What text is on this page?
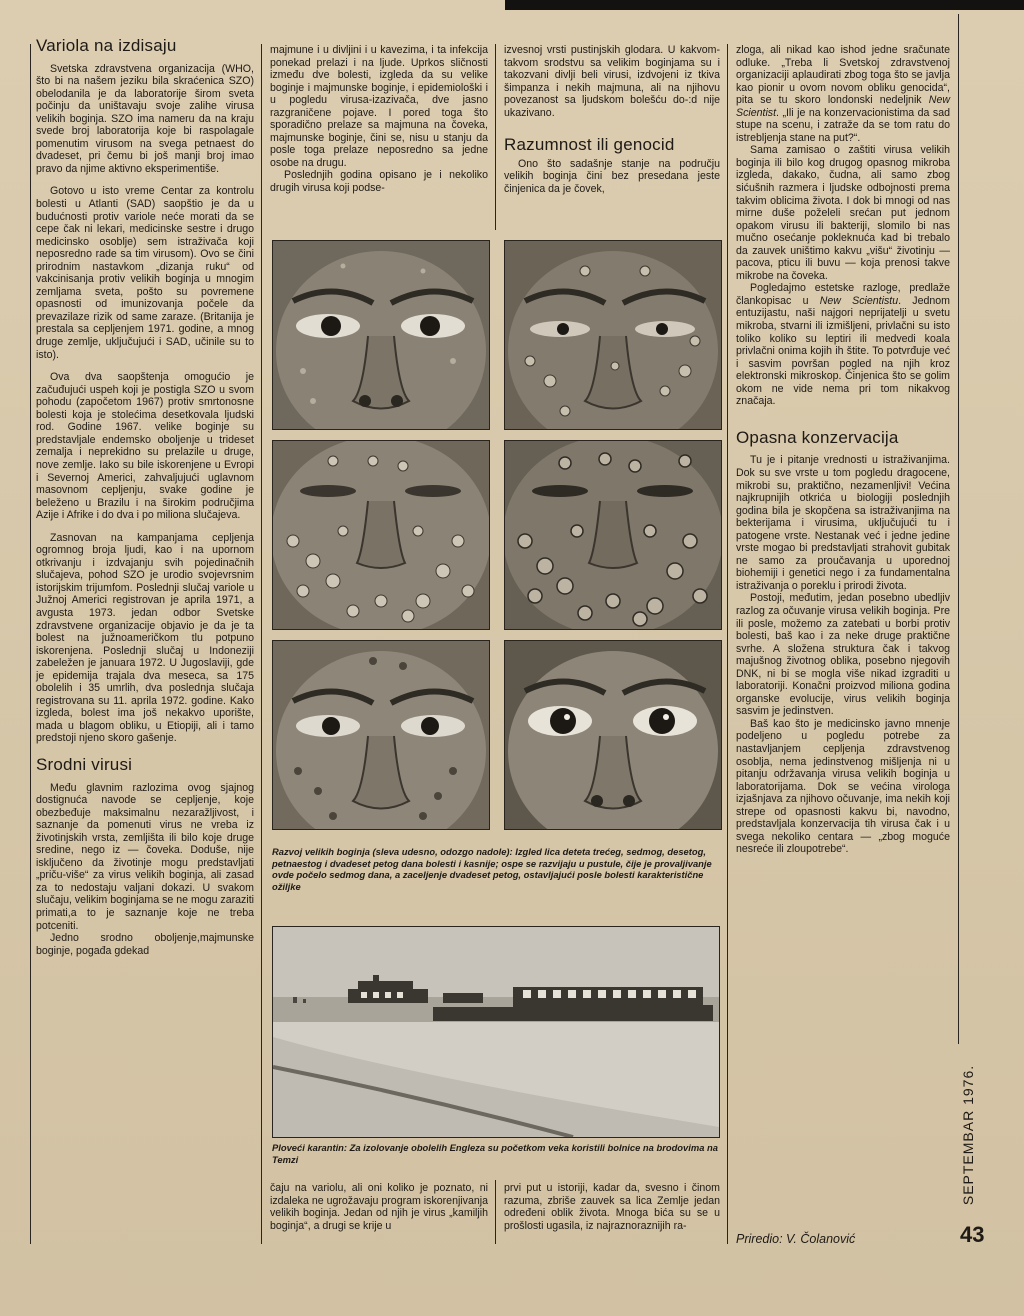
Variola na izdisaju

Svetska zdravstvena organizacija (WHO, što bi na našem jeziku bila skraćenica SZO) obelodanila je da laboratorije širom sveta počinju da uništavaju svoje zalihe virusa velikih boginja. SZO ima nameru da na kraju svede broj laboratorija koje bi raspolagale pomenutim virusom na svega petnaest do dvadeset, pri čemu bi još manji broj imao pravo da njime aktivno eksperimentiše.

Gotovo u isto vreme Centar za kontrolu bolesti u Atlanti (SAD) saopštio je da u budućnosti protiv variole neće morati da se cepe čak ni lekari, medicinske sestre i drugo medicinsko osoblje) sem istraživača koji neposredno rade sa tim virusom). Ovo se čini prirodnim nastavkom „dizanja ruku“ od vakcinisanja protiv velikih boginja u mnogim zemljama sveta, pošto su povremene opasnosti od imunizovanja počele da prevazilaze rizik od same zaraze. (Britanija je prestala sa cepljenjem 1971. godine, a mnog druge zemlje, uključujući i SAD, učinile su to isto).

Ova dva saopštenja omogućio je začuđujući uspeh koji je postigla SZO u svom pohodu (započetom 1967) protiv smrtonosne bolesti koja je stolećima desetkovala ljudski rod. Godine 1967. velike boginje su predstavljale endemsko oboljenje u trideset zemalja i neprekidno su prelazile u druge, nove zemlje. Iako su bile iskorenjene u Evropi i Severnoj Americi, zahvaljujući uglavnom masovnom cepljenju, svake godine je beleženo u Brazilu i na širokim područjima Azije i Afrike i do dva i po miliona slučajeva.

Zasnovan na kampanjama cepljenja ogromnog broja ljudi, kao i na upornom otkrivanju i izdvajanju svih pojedinačnih slučajeva, pohod SZO je urodio svojevrsnim istorijskim trijumfom. Poslednji slučaj variole u Južnoj Americi registrovan je aprila 1971, a avgusta 1973. jedan odbor Svetske zdravstvene organizacije objavio je da je ta bolest na južnoameričkom tlu potpuno iskorenjena. Poslednji slučaj u Indoneziji zabeležen je januara 1972. U Jugoslaviji, gde je epidemija trajala dva meseca, sa 175 obolelih i 35 umrlih, dva poslednja slučaja registrovana su 11. aprila 1972. godine. Kako izgleda, bolest ima još nekakvo uporište, mada u blagom obliku, u Etiopiji, ali i tamo predstoji njeno skoro gašenje.

Srodni virusi

Među glavnim razlozima ovog sjajnog dostignuća navode se cepljenje, koje obezbeđuje maksimalnu nezaražljivost, i saznanje da pomenuti virus ne vreba iz životinjskih vrsta, zemljišta ili bilo koje druge sredine, nego iz — čoveka. Doduše, nije isključeno da životinje mogu predstavljati „priču-više“ za virus velikih boginja, ali zasad za to nedostaju valjani dokazi. U svakom slučaju, velikim boginjama se ne mogu zaraziti primati,a to je saznanje koje ne treba potceniti.

Jedno srodno oboljenje,majmunske boginje, pogađa gdekad

majmune i u divljini i u kavezima, i ta infekcija ponekad prelazi i na ljude. Uprkos sličnosti između dve bolesti, izgleda da su velike boginje i majmunske boginje, i epidemiološki i u pogledu virusa-izazivača, dve jasno razgraničene pojave. I pored toga što sporadično prelaze sa majmuna na čoveka, majmunske boginje, čini se, nisu u stanju da posle toga prelaze neposredno sa jedne osobe na drugu.

Poslednjih godina opisano je i nekoliko drugih virusa koji podse-

izvesnoj vrsti pustinjskih glodara. U kakvom-takvom srodstvu sa velikim boginjama su i takozvani divlji beli virusi, izdvojeni iz tkiva šimpanza i nekih majmuna, ali na njihovu povezanost sa ljudskom bolešću do-:d nije ukazivano.

Razumnost ili genocid

Ono što sadašnje stanje na području velikih boginja čini bez presedana jeste činjenica da je čovek,

zloga, ali nikad kao ishod jedne sračunate odluke. „Treba li Svetskoj zdravstvenoj organizaciji aplaudirati zbog toga što se javlja kao pionir u ovom novom obliku genocida“, pita se tu skoro londonski nedeljnik New Scientist. „Ili je na konzervacionistima da sad stupe na scenu, i zatraže da se tom ratu do istrebljenja stane na put?“.

Sama zamisao o zaštiti virusa velikih boginja ili bilo kog drugog opasnog mikroba izgleda, dakako, čudna, ali samo zbog sićušnih razmera i ljudske odbojnosti prema takvim oblicima života. I dok bi mnogi od nas mirne duše poželeli srećan put jednom opakom virusu ili bakteriji, slomilo bi nas mučno osećanje pokleknuća kad bi trebalo da zauvek uništimo kakvu „višu“ životinju — pacova, pticu ili buvu — koja prenosi takve mikrobe na čoveka.

Pogledajmo estetske razloge, predlaže člankopisac u New Scientistu. Jednom entuzijastu, naši najgori neprijatelji u svetu mikroba, stvarni ili izmišljeni, privlačni su isto toliko koliko su leptiri ili medvedi koala privlačni onima kojih ih štite. To potvrđuje već i sasvim površan pogled na njih kroz elektronski mikroskop. Činjenica što se golim okom ne vide nema pri tom nikakvog značaja.

Opasna konzervacija

Tu je i pitanje vrednosti u istraživanjima. Dok su sve vrste u tom pogledu dragocene, mikrobi su, praktično, nezamenljivi! Većina najkrupnijih otkrića u biologiji poslednjih godina bila je skopčena sa istraživanjima na bekterijama i virusima, uključujući tu i patogene vrste. Nestanak već i jedne jedine vrste mogao bi predstavljati strahovit gubitak ne samo za proučavanja u uporednoj biohemiji i genetici nego i za fundamentalna istraživanja o poreklu i prirodi života.

Postoji, međutim, jedan posebno ubedljiv razlog za očuvanje virusa velikih boginja. Pre ili posle, možemo za zatebati u borbi protiv bolesti, baš kao i za neke druge praktične svrhe. A složena struktura čak i takvog majušnog životnog oblika, posebno njegovih DNK, ni bi se mogla više nikad izgraditi u laboratoriji. Konačni proizvod miliona godina organske evolucije, virus velikih boginja sasvim je jedinstven.

Baš kao što je medicinsko javno mnenje podeljeno u pogledu potrebe za nastavljanjem cepljenja zdravstvenog osoblja, nema jedinstvenog mišljenja ni u pitanju održavanja virusa velikih boginja u laboratorijama. Dok se većina virologa izjašnjava za njihovo očuvanje, ima nekih koji strepe od opasnosti kakvu bi, navodno, predstavljala konzervacija tih virusa čak i u svega nekoliko centara — „zbog moguće nesreće ili zloupotrebe“.

Razvoj velikih boginja (sleva udesno, odozgo nadole): Izgled lica deteta trećeg, sedmog, desetog, petnaestog i dvadeset petog dana bolesti i kasnije; ospe se razvijaju u pustule, čije je provaljivanje ovde počelo sedmog dana, a zaceljenje dvadeset petog, ostavljajući posle bolesti karakteristične ožiljke
Ploveći karantin: Za izolovanje obolelih Engleza su početkom veka koristili bolnice na brodovima na Temzi

čaju na variolu, ali oni koliko je poznato, ni izdaleka ne ugrožavaju program iskorenjivanja velikih boginja. Jedan od njih je virus „kamiljih boginja“, a drugi se krije u

prvi put u istoriji, kadar da, svesno i činom razuma, zbriše zauvek sa lica Zemlje jedan određeni oblik života. Mnoga bića su se u prošlosti ugasila, iz najraznoraznijih ra-

Priredio: V. Čolanović
SEPTEMBAR 1976.
43
